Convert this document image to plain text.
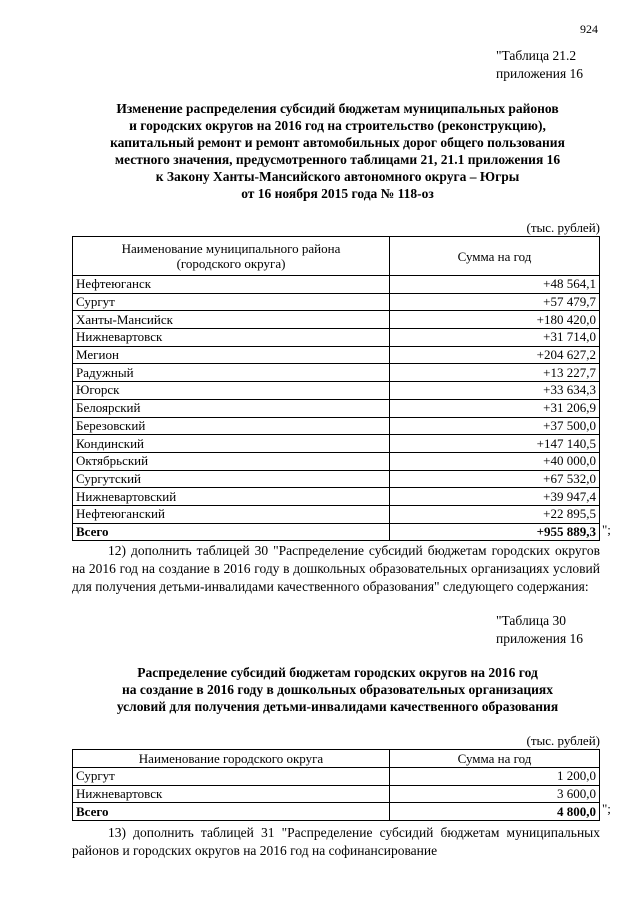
924
"Таблица 21.2
приложения 16
Изменение распределения субсидий бюджетам муниципальных районов
и городских округов на 2016 год на строительство (реконструкцию),
капитальный ремонт и ремонт автомобильных дорог общего пользования
местного значения, предусмотренного таблицами 21, 21.1 приложения 16
к Закону Ханты-Мансийского автономного округа – Югры
от 16 ноября 2015 года № 118-оз
(тыс. рублей)
Наименование муниципального района
(городского округа)	Сумма на год
Нефтеюганск	+48 564,1
Сургут	+57 479,7
Ханты-Мансийск	+180 420,0
Нижневартовск	+31 714,0
Мегион	+204 627,2
Радужный	+13 227,7
Югорск	+33 634,3
Белоярский	+31 206,9
Березовский	+37 500,0
Кондинский	+147 140,5
Октябрьский	+40 000,0
Сургутский	+67 532,0
Нижневартовский	+39 947,4
Нефтеюганский	+22 895,5
Всего	+955 889,3 ";

12) дополнить таблицей 30 "Распределение субсидий бюджетам городских округов на 2016 год на создание в 2016 году в дошкольных образовательных организациях условий для получения детьми-инвалидами качественного образования" следующего содержания:

"Таблица 30
приложения 16
Распределение субсидий бюджетам городских округов на 2016 год
на создание в 2016 году в дошкольных образовательных организациях
условий для получения детьми-инвалидами качественного образования
(тыс. рублей)
Наименование городского округа	Сумма на год
Сургут	1 200,0
Нижневартовск	3 600,0
Всего	4 800,0 ";

13) дополнить таблицей 31 "Распределение субсидий бюджетам муниципальных районов и городских округов на 2016 год на софинансирование
